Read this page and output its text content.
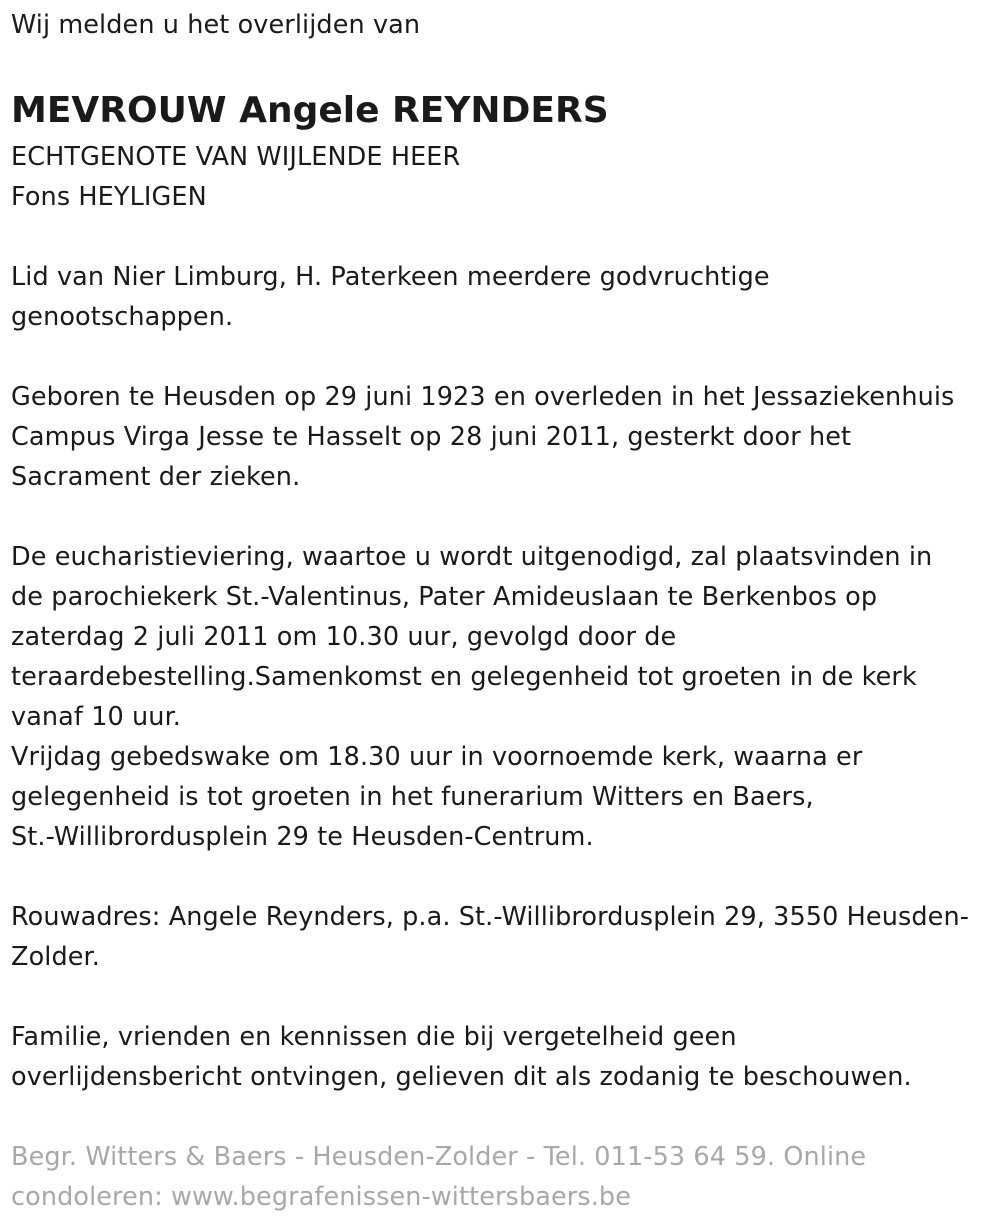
Wij melden u het overlijden van
MEVROUW Angele REYNDERS
ECHTGENOTE VAN WIJLENDE HEER
Fons HEYLIGEN
Lid van Nier Limburg, H. Paterkeen meerdere godvruchtige
genootschappen.
Geboren te Heusden op 29 juni 1923 en overleden in het Jessaziekenhuis
Campus Virga Jesse te Hasselt op 28 juni 2011, gesterkt door het
Sacrament der zieken.
De eucharistieviering, waartoe u wordt uitgenodigd, zal plaatsvinden in
de parochiekerk St.-Valentinus, Pater Amideuslaan te Berkenbos op
zaterdag 2 juli 2011 om 10.30 uur, gevolgd door de
teraardebestelling.Samenkomst en gelegenheid tot groeten in de kerk
vanaf 10 uur.
Vrijdag gebedswake om 18.30 uur in voornoemde kerk, waarna er
gelegenheid is tot groeten in het funerarium Witters en Baers,
St.-Willibrordusplein 29 te Heusden-Centrum.
Rouwadres: Angele Reynders, p.a. St.-Willibrordusplein 29, 3550 Heusden-
Zolder.
Familie, vrienden en kennissen die bij vergetelheid geen
overlijdensbericht ontvingen, gelieven dit als zodanig te beschouwen.
Begr. Witters & Baers - Heusden-Zolder - Tel. 011-53 64 59. Online
condoleren: www.begrafenissen-wittersbaers.be
